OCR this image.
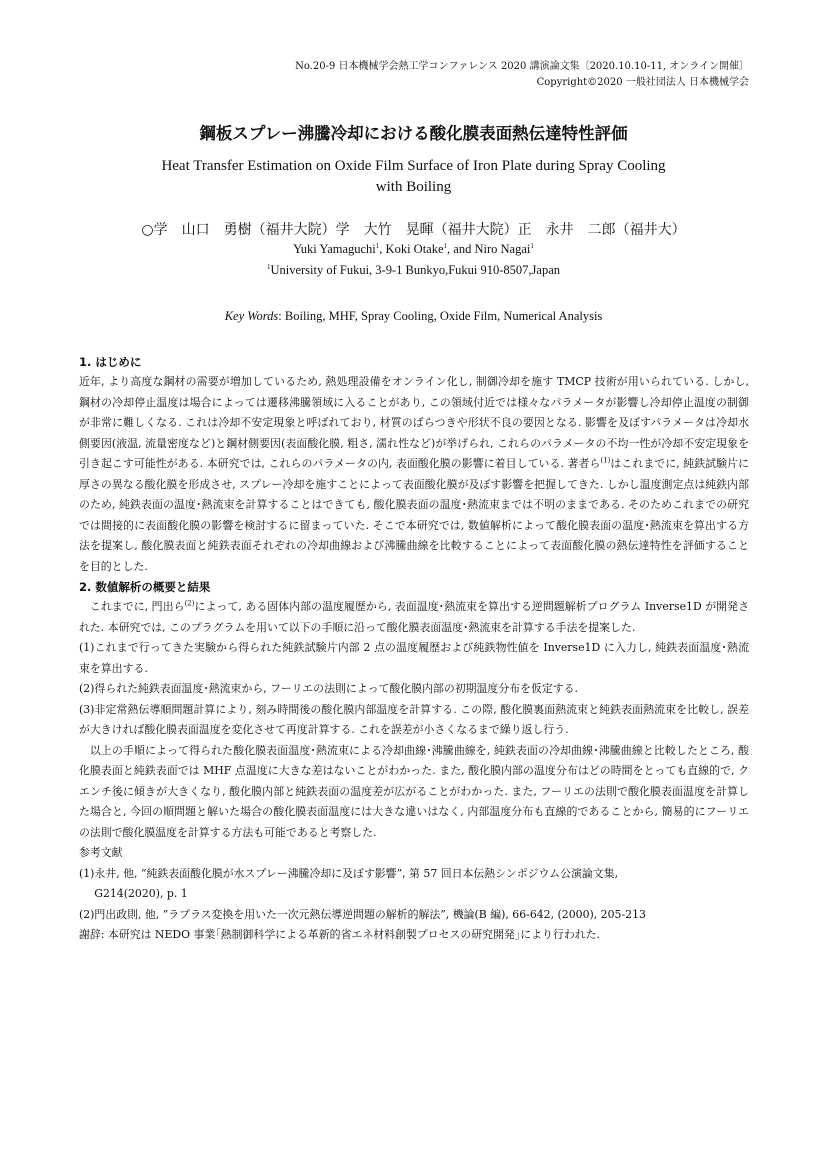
No.20-9 日本機械学会熱工学コンファレンス 2020 講演論文集〔2020.10.10-11, オンライン開催〕
Copyright©2020 一般社団法人 日本機械学会
鋼板スプレー沸騰冷却における酸化膜表面熱伝達特性評価
Heat Transfer Estimation on Oxide Film Surface of Iron Plate during Spray Cooling
with Boiling
○学　山口　勇樹（福井大院）学　大竹　晃暉（福井大院）正　永井　二郎（福井大）
Yuki Yamaguchi$^1$, Koki Otake$^1$, and Niro Nagai$^1$
$^1$University of Fukui, 3-9-1 Bunkyo,Fukui 910-8507,Japan
Key Words: Boiling, MHF, Spray Cooling, Oxide Film, Numerical Analysis
1. はじめに

近年, より高度な鋼材の需要が増加しているため, 熱処理設備をオンライン化し, 制御冷却を施す TMCP 技術が用いられている. しかし, 鋼材の冷却停止温度は場合によっては遷移沸騰領域に入ることがあり, この領域付近では様々なパラメータが影響し冷却停止温度の制御が非常に難しくなる. これは冷却不安定現象と呼ばれており, 材質のばらつきや形状不良の要因となる. 影響を及ぼすパラメータは冷却水側要因(液温, 流量密度など)と鋼材側要因(表面酸化膜, 粗さ, 濡れ性など)が挙げられ, これらのパラメータの不均一性が冷却不安定現象を引き起こす可能性がある. 本研究では, これらのパラメータの内, 表面酸化膜の影響に着目している. 著者ら$^{(1)}$はこれまでに, 純鉄試験片に厚さの異なる酸化膜を形成させ, スプレー冷却を施すことによって表面酸化膜が及ぼす影響を把握してきた. しかし温度測定点は純鉄内部のため, 純鉄表面の温度･熱流束を計算することはできても, 酸化膜表面の温度･熱流束までは不明のままである. そのためこれまでの研究では間接的に表面酸化膜の影響を検討するに留まっていた. そこで本研究では, 数値解析によって酸化膜表面の温度･熱流束を算出する方法を提案し, 酸化膜表面と純鉄表面それぞれの冷却曲線および沸騰曲線を比較することによって表面酸化膜の熱伝達特性を評価することを目的とした.

2. 数値解析の概要と結果

これまでに, 門出ら$^{(2)}$によって, ある固体内部の温度履歴から, 表面温度･熱流束を算出する逆問題解析プログラム Inverse1D が開発された. 本研究では, このプラグラムを用いて以下の手順に沿って酸化膜表面温度･熱流束を計算する手法を提案した.

(1)これまで行ってきた実験から得られた純鉄試験片内部 2 点の温度履歴および純鉄物性値を Inverse1D に入力し, 純鉄表面温度･熱流束を算出する.

(2)得られた純鉄表面温度･熱流束から, フーリエの法則によって酸化膜内部の初期温度分布を仮定する.

(3)非定常熱伝導順問題計算により, 刻み時間後の酸化膜内部温度を計算する. この際, 酸化膜裏面熱流束と純鉄表面熱流束を比較し, 誤差が大きければ酸化膜表面温度を変化させて再度計算する. これを誤差が小さくなるまで繰り返し行う.

以上の手順によって得られた酸化膜表面温度･熱流束による冷却曲線･沸騰曲線を, 純鉄表面の冷却曲線･沸騰曲線と比較したところ, 酸化膜表面と純鉄表面では MHF 点温度に大きな差はないことがわかった. また, 酸化膜内部の温度分布はどの時間をとっても直線的で, クエンチ後に傾きが大きくなり, 酸化膜内部と純鉄表面の温度差が広がることがわかった. また, フーリエの法則で酸化膜表面温度を計算した場合と, 今回の順問題と解いた場合の酸化膜表面温度には大きな違いはなく, 内部温度分布も直線的であることから, 簡易的にフーリエの法則で酸化膜温度を計算する方法も可能であると考察した.

参考文献

(1)永井, 他, ”純鉄表面酸化膜が水スプレー沸騰冷却に及ぼす影響”, 第 57 回日本伝熱シンポジウム公演論文集,

G214(2020), p. 1

(2)門出政則, 他, ”ラプラス変換を用いた一次元熱伝導逆問題の解析的解法”, 機論(B 編), 66-642, (2000), 205-213

謝辞: 本研究は NEDO 事業｢熱制御科学による革新的省エネ材料創製プロセスの研究開発｣により行われた.
